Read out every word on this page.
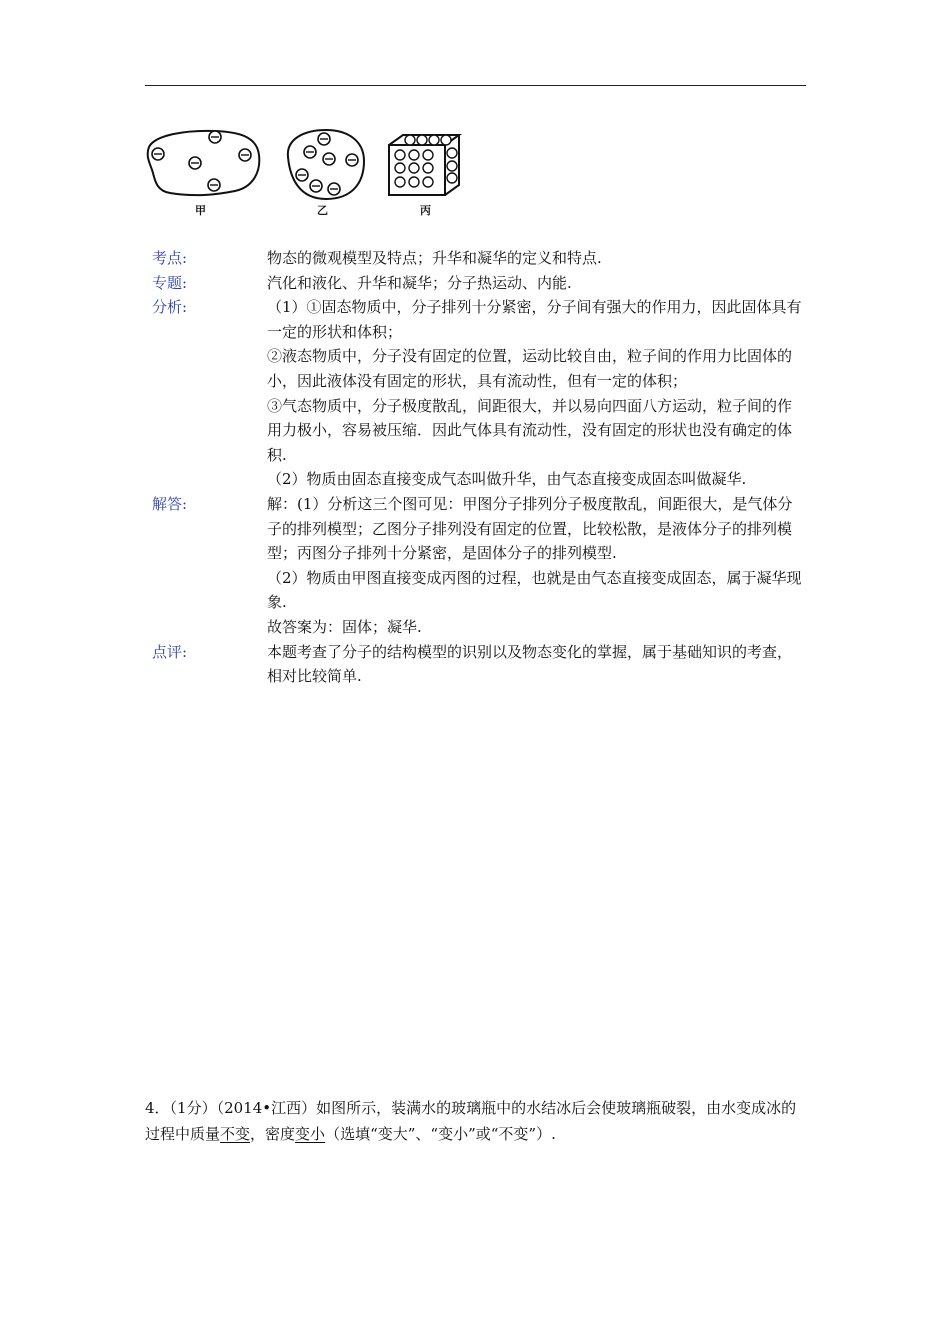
甲	乙	丙
考点:	物态的微观模型及特点；升华和凝华的定义和特点.

专题:	汽化和液化、升华和凝华；分子热运动、内能.

分析:	（1）①固态物质中，分子排列十分紧密，分子间有强大的作用力，因此固体具有一定的形状和体积；

②液态物质中，分子没有固定的位置，运动比较自由，粒子间的作用力比固体的小，因此液体没有固定的形状，具有流动性，但有一定的体积；

③气态物质中，分子极度散乱，间距很大，并以易向四面八方运动，粒子间的作用力极小，容易被压缩．因此气体具有流动性，没有固定的形状也没有确定的体积.

（2）物质由固态直接变成气态叫做升华，由气态直接变成固态叫做凝华.

解答:	解：(1）分析这三个图可见：甲图分子排列分子极度散乱，间距很大，是气体分子的排列模型；乙图分子排列没有固定的位置，比较松散，是液体分子的排列模型；丙图分子排列十分紧密，是固体分子的排列模型.

（2）物质由甲图直接变成丙图的过程，也就是由气态直接变成固态，属于凝华现象.

故答案为：固体；凝华.

点评:	本题考查了分子的结构模型的识别以及物态变化的掌握，属于基础知识的考查，相对比较简单.

4．（1分）（2014•江西）如图所示，装满水的玻璃瓶中的水结冰后会使玻璃瓶破裂，由水变成冰的过程中质量不变，密度变小（选填“变大”、“变小”或“不变”）.
